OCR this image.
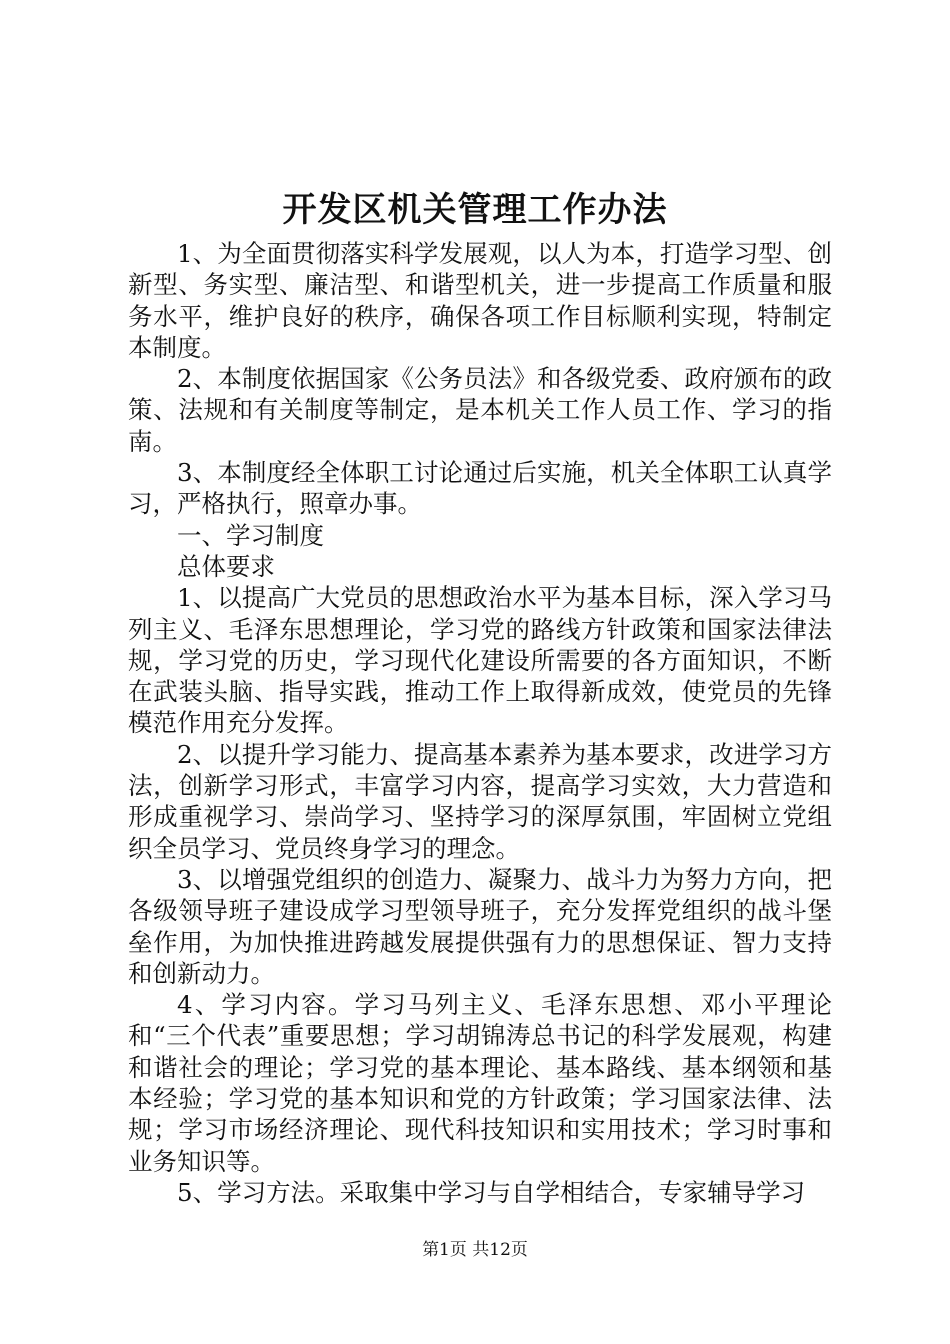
开发区机关管理工作办法

1、为全面贯彻落实科学发展观，以人为本，打造学习型、创新型、务实型、廉洁型、和谐型机关，进一步提高工作质量和服务水平，维护良好的秩序，确保各项工作目标顺利实现，特制定本制度。

2、本制度依据国家《公务员法》和各级党委、政府颁布的政策、法规和有关制度等制定，是本机关工作人员工作、学习的指南。

3、本制度经全体职工讨论通过后实施，机关全体职工认真学习，严格执行，照章办事。

一、学习制度

总体要求

1、以提高广大党员的思想政治水平为基本目标，深入学习马列主义、毛泽东思想理论，学习党的路线方针政策和国家法律法规，学习党的历史，学习现代化建设所需要的各方面知识，不断在武装头脑、指导实践，推动工作上取得新成效，使党员的先锋模范作用充分发挥。

2、以提升学习能力、提高基本素养为基本要求，改进学习方法，创新学习形式，丰富学习内容，提高学习实效，大力营造和形成重视学习、崇尚学习、坚持学习的深厚氛围，牢固树立党组织全员学习、党员终身学习的理念。

3、以增强党组织的创造力、凝聚力、战斗力为努力方向，把各级领导班子建设成学习型领导班子，充分发挥党组织的战斗堡垒作用，为加快推进跨越发展提供强有力的思想保证、智力支持和创新动力。

4、学习内容。学习马列主义、毛泽东思想、邓小平理论和“三个代表”重要思想；学习胡锦涛总书记的科学发展观，构建和谐社会的理论；学习党的基本理论、基本路线、基本纲领和基本经验；学习党的基本知识和党的方针政策；学习国家法律、法规；学习市场经济理论、现代科技知识和实用技术；学习时事和业务知识等。

5、学习方法。采取集中学习与自学相结合，专家辅导学习

第1页 共12页
